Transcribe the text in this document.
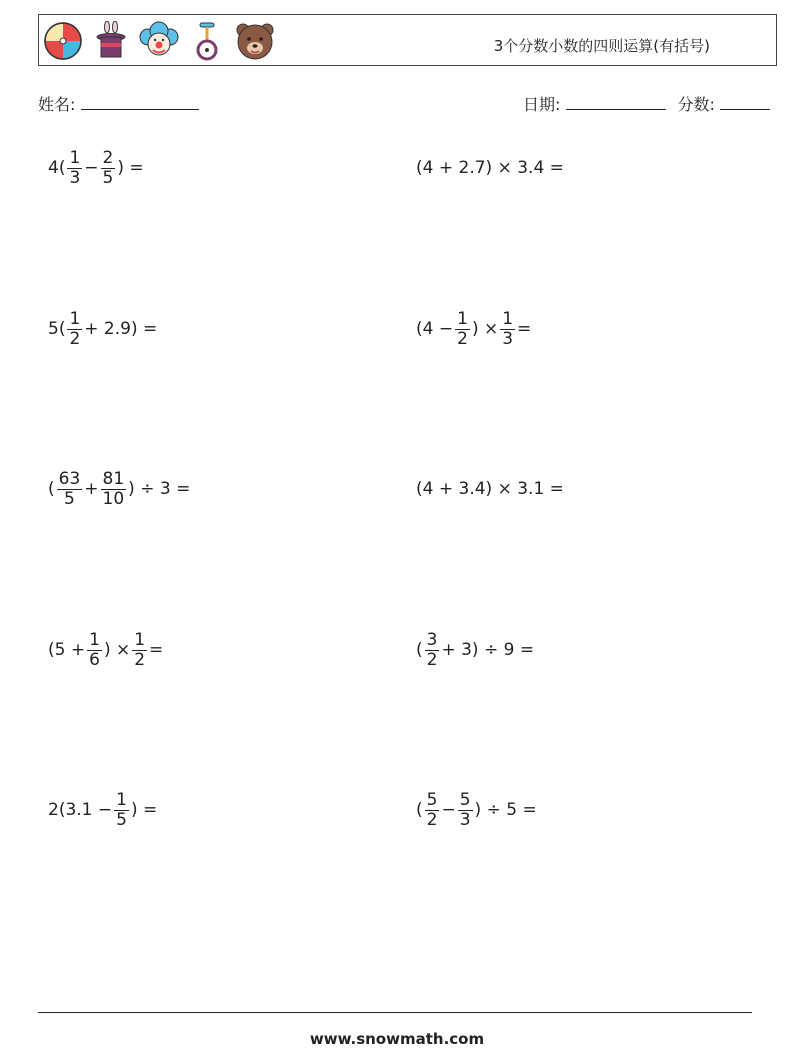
3个分数小数的四则运算(有括号)
姓名:	日期:	分数:
$4( \frac{1}{3} - \frac{2}{5}$ ) =	(4 + 2.7) × 3.4 =
$5( \frac{1}{2} + 2.9)$ =	($4 - \frac{1}{2}$ ) × $\frac{1}{3}$ =
( $\frac{63}{5} + \frac{81}{10}$ ) ÷ 3 =	(4 + 3.4) × 3.1 =
($5 + \frac{1}{6}$ ) × $\frac{1}{2}$ =	( $\frac{3}{2} + 3) \div 9$ =
$2(3.1 - \frac{1}{5}$ ) =	( $\frac{5}{2} - \frac{5}{3}$ ) ÷ 5 =
www.snowmath.com
